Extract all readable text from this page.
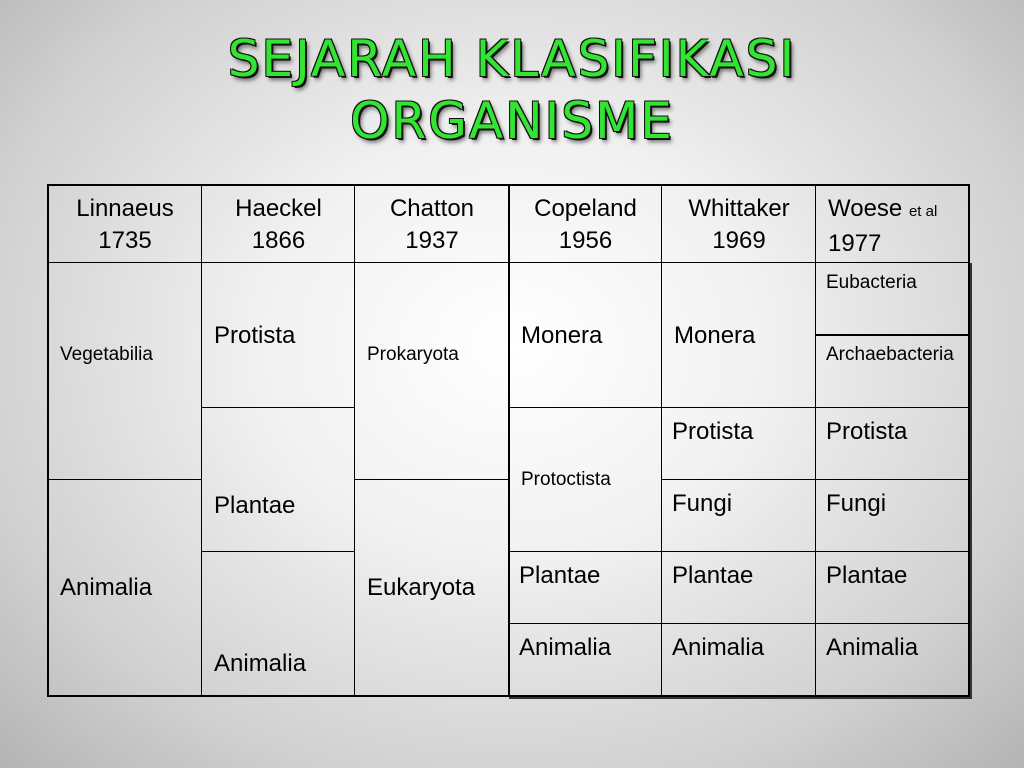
SEJARAH KLASIFIKASI
ORGANISME
Linnaeus
1735
Haeckel
1866
Chatton
1937
Copeland
1956
Whittaker
1969
Woese et al
1977
Vegetabilia
Animalia
Protista
Plantae
Animalia
Prokaryota
Eukaryota
Monera
Protoctista
Plantae
Animalia
Monera
Protista
Fungi
Plantae
Animalia
Eubacteria
Archaebacteria
Protista
Fungi
Plantae
Animalia
